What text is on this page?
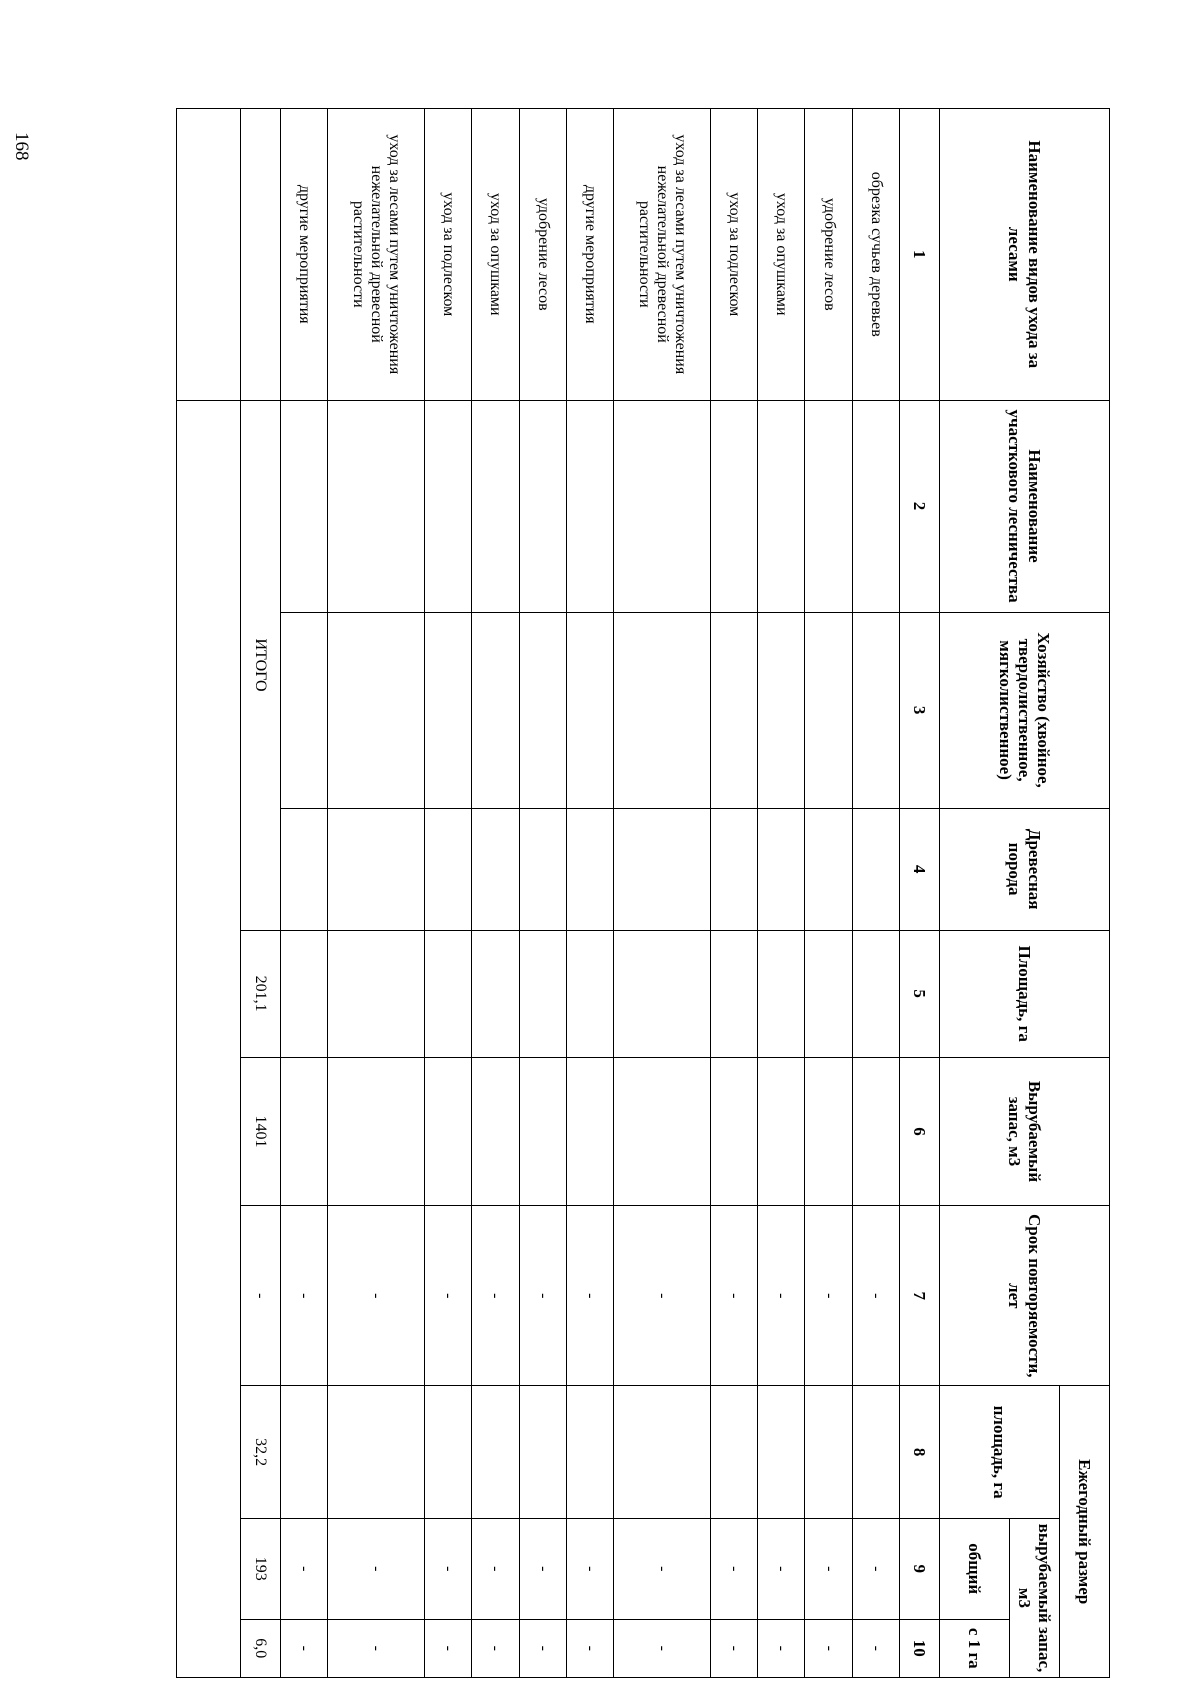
168	Наименование видов ухода за лесами	Наименование участкового лесничества	Хозяйство (хвойное, твердолиственное, мягколиственное)	Древесная порода	Площадь, га	Вырубаемый запас, м3	Срок повторяемости, лет	Ежегодный размер		
							площадь, га	вырубаемый запас, м3	
								общий	с 1 га
1	2	3	4	5	6	7	8	9	10
обрезка сучьев деревьев						-		-	-
удобрение лесов						-		-	-
уход за опушками						-		-	-
уход за подлеском						-		-	-
уход за лесами путем уничтожения нежелательной древесной растительности						-		-	-
другие мероприятия						-		-	-
удобрение лесов						-		-	-
уход за опушками						-		-	-
уход за подлеском						-		-	-
уход за лесами путем уничтожения нежелательной древесной растительности						-		-	-
другие мероприятия						-		-	-
	ИТОГО			201,1	1401	-	32,2	193	6,0
